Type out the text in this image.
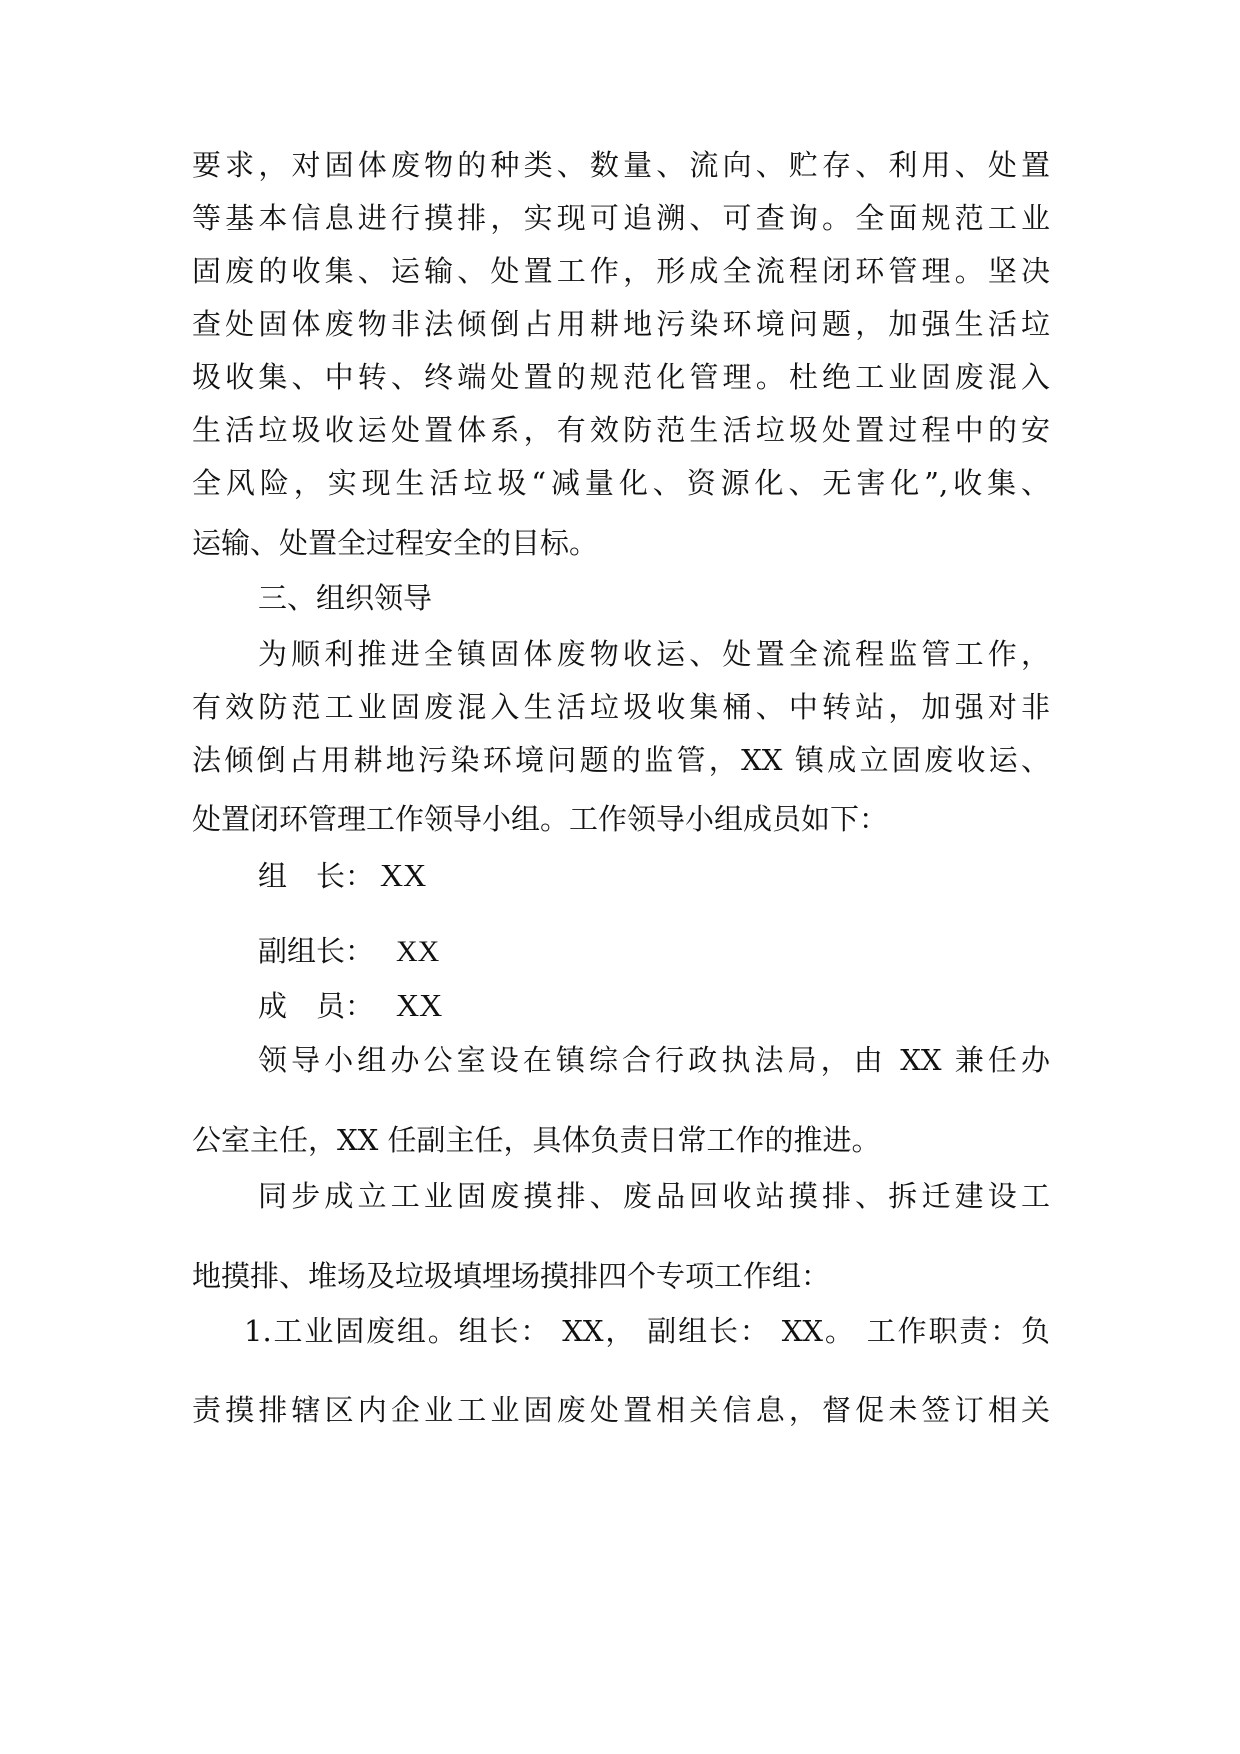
要求，对固体废物的种类、数量、流向、贮存、利用、处置
等基本信息进行摸排，实现可追溯、可查询。全面规范工业
固废的收集、运输、处置工作，形成全流程闭环管理。坚决
查处固体废物非法倾倒占用耕地污染环境问题，加强生活垃
圾收集、中转、终端处置的规范化管理。杜绝工业固废混入
生活垃圾收运处置体系，有效防范生活垃圾处置过程中的安
全风险，实现生活垃圾“减量化、资源化、无害化”,收集、
运输、处置全过程安全的目标。
三、组织领导
为顺利推进全镇固体废物收运、处置全流程监管工作，
有效防范工业固废混入生活垃圾收集桶、中转站，加强对非
法倾倒占用耕地污染环境问题的监管，XX 镇成立固废收运、
处置闭环管理工作领导小组。工作领导小组成员如下：
组　长： XX
副组长： XX
成　员： XX
领导小组办公室设在镇综合行政执法局，由 XX 兼任办
公室主任，XX 任副主任，具体负责日常工作的推进。
同步成立工业固废摸排、废品回收站摸排、拆迁建设工
地摸排、堆场及垃圾填埋场摸排四个专项工作组：
1.工业固废组。组长： XX， 副组长： XX。 工作职责：负
责摸排辖区内企业工业固废处置相关信息，督促未签订相关
